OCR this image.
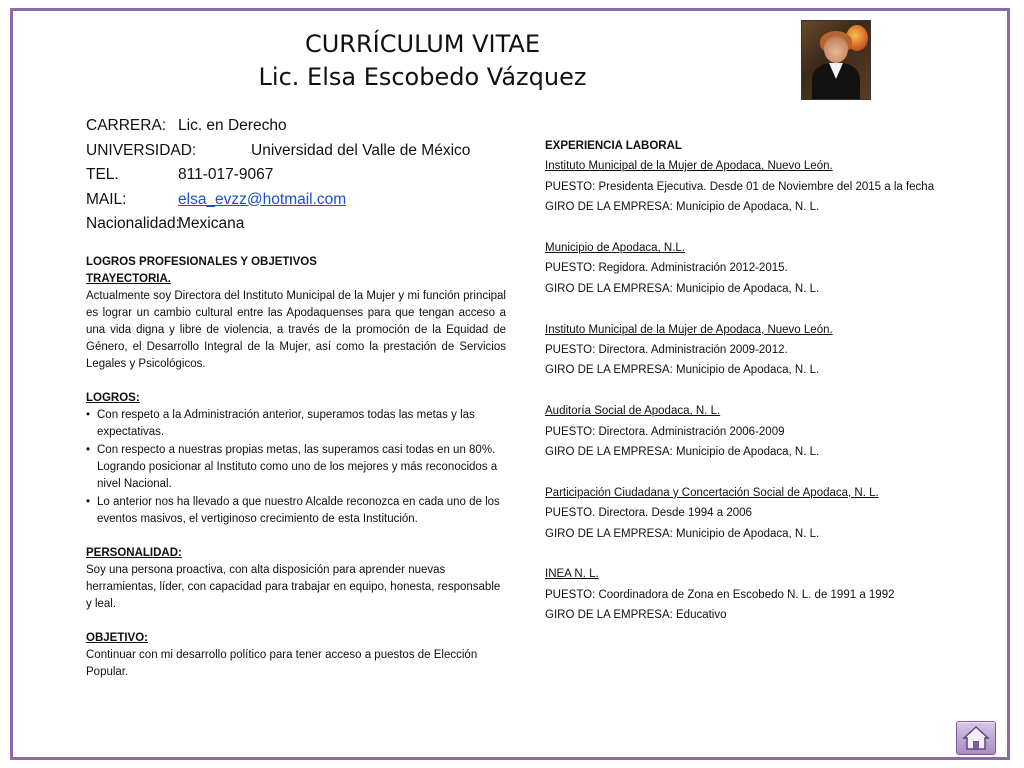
CURRÍCULUM VITAE
Lic. Elsa Escobedo Vázquez
CARRERA: Lic. en Derecho
UNIVERSIDAD:	Universidad del Valle de México
TEL.	811-017-9067
MAIL:	elsa_evzz@hotmail.com
Nacionalidad:Mexicana
LOGROS PROFESIONALES Y OBJETIVOS
TRAYECTORIA.
Actualmente soy Directora del Instituto Municipal de la Mujer y mi función principal es lograr un cambio cultural entre las Apodaquenses para que tengan acceso a una vida digna y libre de violencia, a través de la promoción de la Equidad de Género, el Desarrollo Integral de la Mujer, así como la prestación de Servicios Legales y Psicológicos.
LOGROS:
• Con respeto a la Administración anterior, superamos todas las metas y las expectativas.
• Con respecto a nuestras propias metas, las superamos casi todas en un 80%. Logrando posicionar al Instituto como uno de los mejores y más reconocidos a nivel Nacional.
• Lo anterior nos ha llevado a que nuestro Alcalde reconozca en cada uno de los eventos masivos, el vertiginoso crecimiento de esta Institución.
PERSONALIDAD:
Soy una persona proactiva, con alta disposición para aprender nuevas herramientas, líder, con capacidad para trabajar en equipo, honesta, responsable y leal.
OBJETIVO:
Continuar con mi desarrollo político para tener acceso a puestos de Elección Popular.
EXPERIENCIA LABORAL
Instituto Municipal de la Mujer de Apodaca, Nuevo León.
PUESTO: Presidenta Ejecutiva. Desde 01 de Noviembre del 2015 a la fecha
GIRO DE LA EMPRESA: Municipio de Apodaca, N. L.
Municipio de Apodaca, N.L.
PUESTO: Regidora. Administración 2012-2015.
GIRO DE LA EMPRESA: Municipio de Apodaca, N. L.
Instituto Municipal de la Mujer de Apodaca, Nuevo León.
PUESTO: Directora. Administración 2009-2012.
GIRO DE LA EMPRESA: Municipio de Apodaca, N. L.
Auditoría Social de Apodaca, N. L.
PUESTO: Directora. Administración 2006-2009
GIRO DE LA EMPRESA: Municipio de Apodaca, N. L.
Participación Ciudadana y Concertación Social de Apodaca, N. L.
PUESTO. Directora. Desde 1994 a 2006
GIRO DE LA EMPRESA: Municipio de Apodaca, N. L.
INEA N. L.
PUESTO: Coordinadora de Zona en Escobedo N. L. de 1991 a 1992
GIRO DE LA EMPRESA: Educativo
